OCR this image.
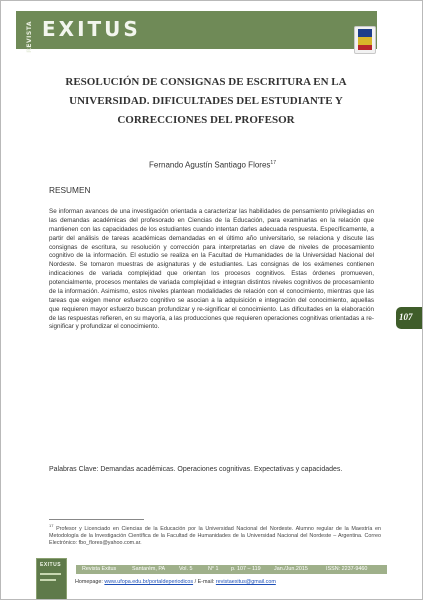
REVISTA EXITUS
RESOLUCIÓN DE CONSIGNAS DE ESCRITURA EN LA
UNIVERSIDAD. DIFICULTADES DEL ESTUDIANTE Y
CORRECCIONES DEL PROFESOR
Fernando Agustín Santiago Flores$^{17}$
RESUMEN
Se informan avances de una investigación orientada a caracterizar las habilidades de pensamiento privilegiadas en las demandas académicas del profesorado en Ciencias de la Educación, para examinarlas en la relación que mantienen con las capacidades de los estudiantes cuando intentan darles adecuada respuesta. Específicamente, a partir del análisis de tareas académicas demandadas en el último año universitario, se relaciona y discute las consignas de escritura, su resolución y corrección para interpretarlas en clave de niveles de procesamiento cognitivo de la información. El estudio se realiza en la Facultad de Humanidades de la Universidad Nacional del Nordeste. Se tomaron muestras de asignaturas y de estudiantes. Las consignas de los exámenes contienen indicaciones de variada complejidad que orientan los procesos cognitivos. Estas órdenes promueven, potencialmente, procesos mentales de variada complejidad e integran distintos niveles cognitivos de procesamiento de la información. Asimismo, estos niveles plantean modalidades de relación con el conocimiento, mientras que las tareas que exigen menor esfuerzo cognitivo se asocian a la adquisición e integración del conocimiento, aquellas que requieren mayor esfuerzo buscan profundizar y re-significar el conocimiento. Las dificultades en la elaboración de las respuestas refieren, en su mayoría, a las producciones que requieren operaciones cognitivas orientadas a re-significar y profundizar el conocimiento.
Palabras Clave: Demandas académicas. Operaciones cognitivas. Expectativas y capacidades.
$^{17}$ Profesor y Licenciado en Ciencias de la Educación por la Universidad Nacional del Nordeste. Alumno regular de la Maestría en Metodología de la Investigación Científica de la Facultad de Humanidades de la Universidad Nacional del Nordeste – Argentina. Correo Electrónico: fbo_flores@yahoo.com.ar.
107
EXITUS
Revista Exitus	Santarém, PA	Vol. 5	N° 1 p. 107 – 119 Jan./Jun.2015	ISSN: 2237-9460
Homepage: www.ufopa.edu.br/portaldeperiodicos / E-mail: revistaexitus@gmail.com
